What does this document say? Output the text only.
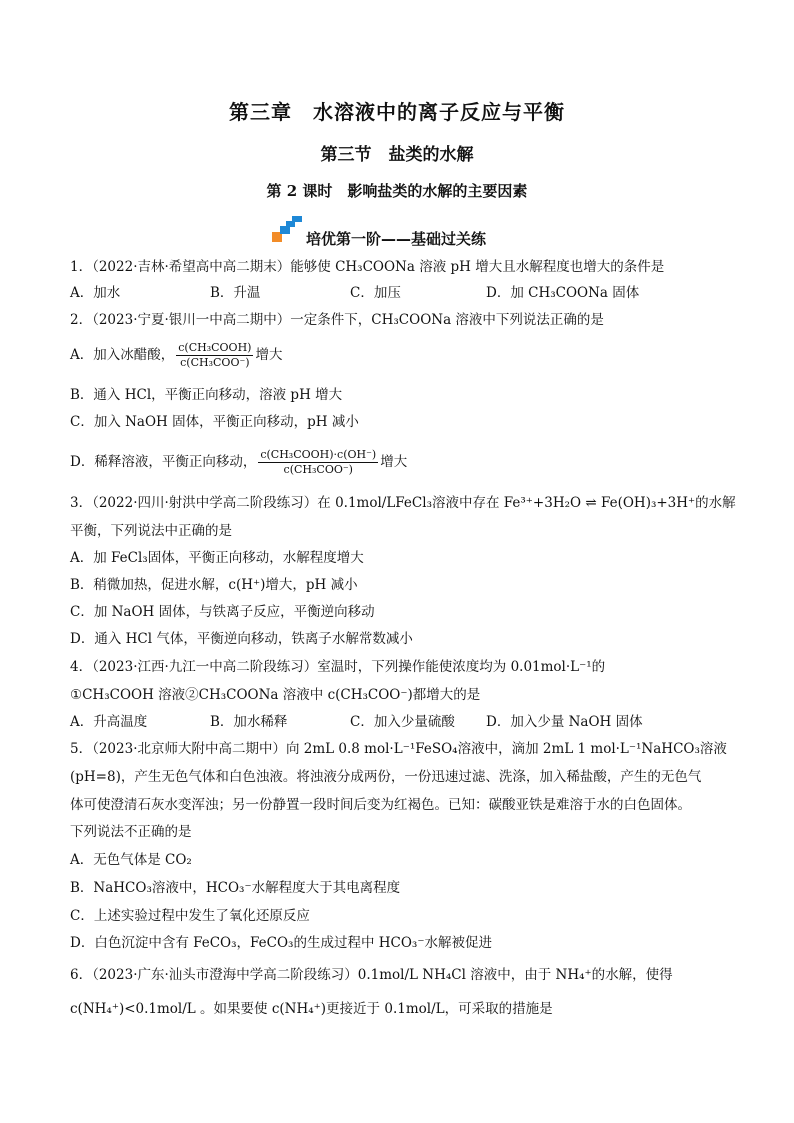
第三章　水溶液中的离子反应与平衡
第三节　盐类的水解
第 2 课时　影响盐类的水解的主要因素
培优第一阶——基础过关练
1．（2022·吉林·希望高中高二期末）能够使 CH₃COONa 溶液 pH 增大且水解程度也增大的条件是
A．加水	B．升温	C．加压	D．加 CH₃COONa 固体
2．（2023·宁夏·银川一中高二期中）一定条件下，CH₃COONa 溶液中下列说法正确的是
A．加入冰醋酸， $\frac{\text{c(CH₃COOH)}}{\text{c(CH₃COO⁻)}}$ 增大
B．通入 HCl，平衡正向移动，溶液 pH 增大
C．加入 NaOH 固体，平衡正向移动，pH 减小
D．稀释溶液，平衡正向移动， $\frac{\text{c(CH₃COOH)·c(OH⁻)}}{\text{c(CH₃COO⁻)}}$ 增大
3．（2022·四川·射洪中学高二阶段练习）在 0.1mol/LFeCl₃溶液中存在 Fe³⁺+3H₂O ⇌ Fe(OH)₃+3H⁺的水解
平衡，下列说法中正确的是
A．加 FeCl₃固体，平衡正向移动，水解程度增大
B．稍微加热，促进水解，c(H⁺)增大，pH 减小
C．加 NaOH 固体，与铁离子反应，平衡逆向移动
D．通入 HCl 气体，平衡逆向移动，铁离子水解常数减小
4．（2023·江西·九江一中高二阶段练习）室温时，下列操作能使浓度均为 0.01mol·L⁻¹的
①CH₃COOH 溶液②CH₃COONa 溶液中 c(CH₃COO⁻)都增大的是
A．升高温度	B．加水稀释	C．加入少量硫酸 D．加入少量 NaOH 固体
5．（2023·北京师大附中高二期中）向 2mL 0.8 mol·L⁻¹FeSO₄溶液中，滴加 2mL 1 mol·L⁻¹NaHCO₃溶液
(pH=8)，产生无色气体和白色浊液。将浊液分成两份，一份迅速过滤、洗涤，加入稀盐酸，产生的无色气
体可使澄清石灰水变浑浊；另一份静置一段时间后变为红褐色。已知：碳酸亚铁是难溶于水的白色固体。
下列说法不正确的是
A．无色气体是 CO₂
B．NaHCO₃溶液中，HCO₃⁻水解程度大于其电离程度
C．上述实验过程中发生了氧化还原反应
D．白色沉淀中含有 FeCO₃，FeCO₃的生成过程中 HCO₃⁻水解被促进
6．（2023·广东·汕头市澄海中学高二阶段练习）0.1mol/L NH₄Cl 溶液中，由于 NH₄⁺的水解，使得
c(NH₄⁺)<0.1mol/L 。如果要使 c(NH₄⁺)更接近于 0.1mol/L，可采取的措施是
